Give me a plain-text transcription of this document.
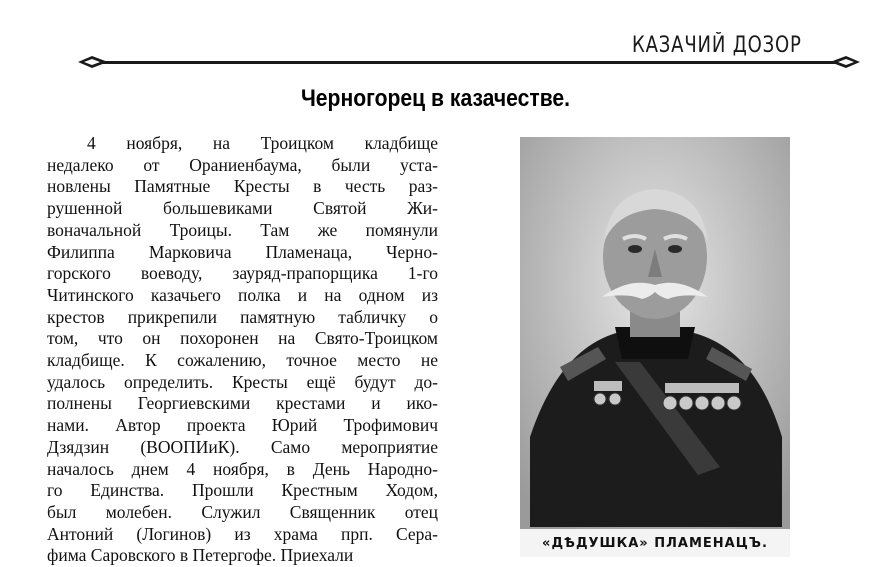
КАЗАЧИЙ ДОЗОР
Черногорец в казачестве.
4 ноября, на Троицком кладбище
недалеко от Ораниенбаума, были уста-
новлены Памятные Кресты в честь раз-
рушенной большевиками Святой Жи-
воначальной Троицы. Там же помянули
Филиппа Марковича Пламенаца, Черно-
горского воеводу, зауряд-прапорщика 1-го
Читинского казачьего полка и на одном из
крестов прикрепили памятную табличку о
том, что он похоронен на Свято-Троицком
кладбище. К сожалению, точное место не
удалось определить. Кресты ещё будут до-
полнены Георгиевскими крестами и ико-
нами. Автор проекта Юрий Трофимович
Дзядзин (ВООПИиК). Само мероприятие
началось днем 4 ноября, в День Народно-
го Единства. Прошли Крестным Ходом,
был молебен. Служил Священник отец
Антоний (Логинов) из храма прп. Сера-
фима Саровского в Петергофе. Приехали
«ДѢДУШКА» ПЛАМЕНАЦЪ.
